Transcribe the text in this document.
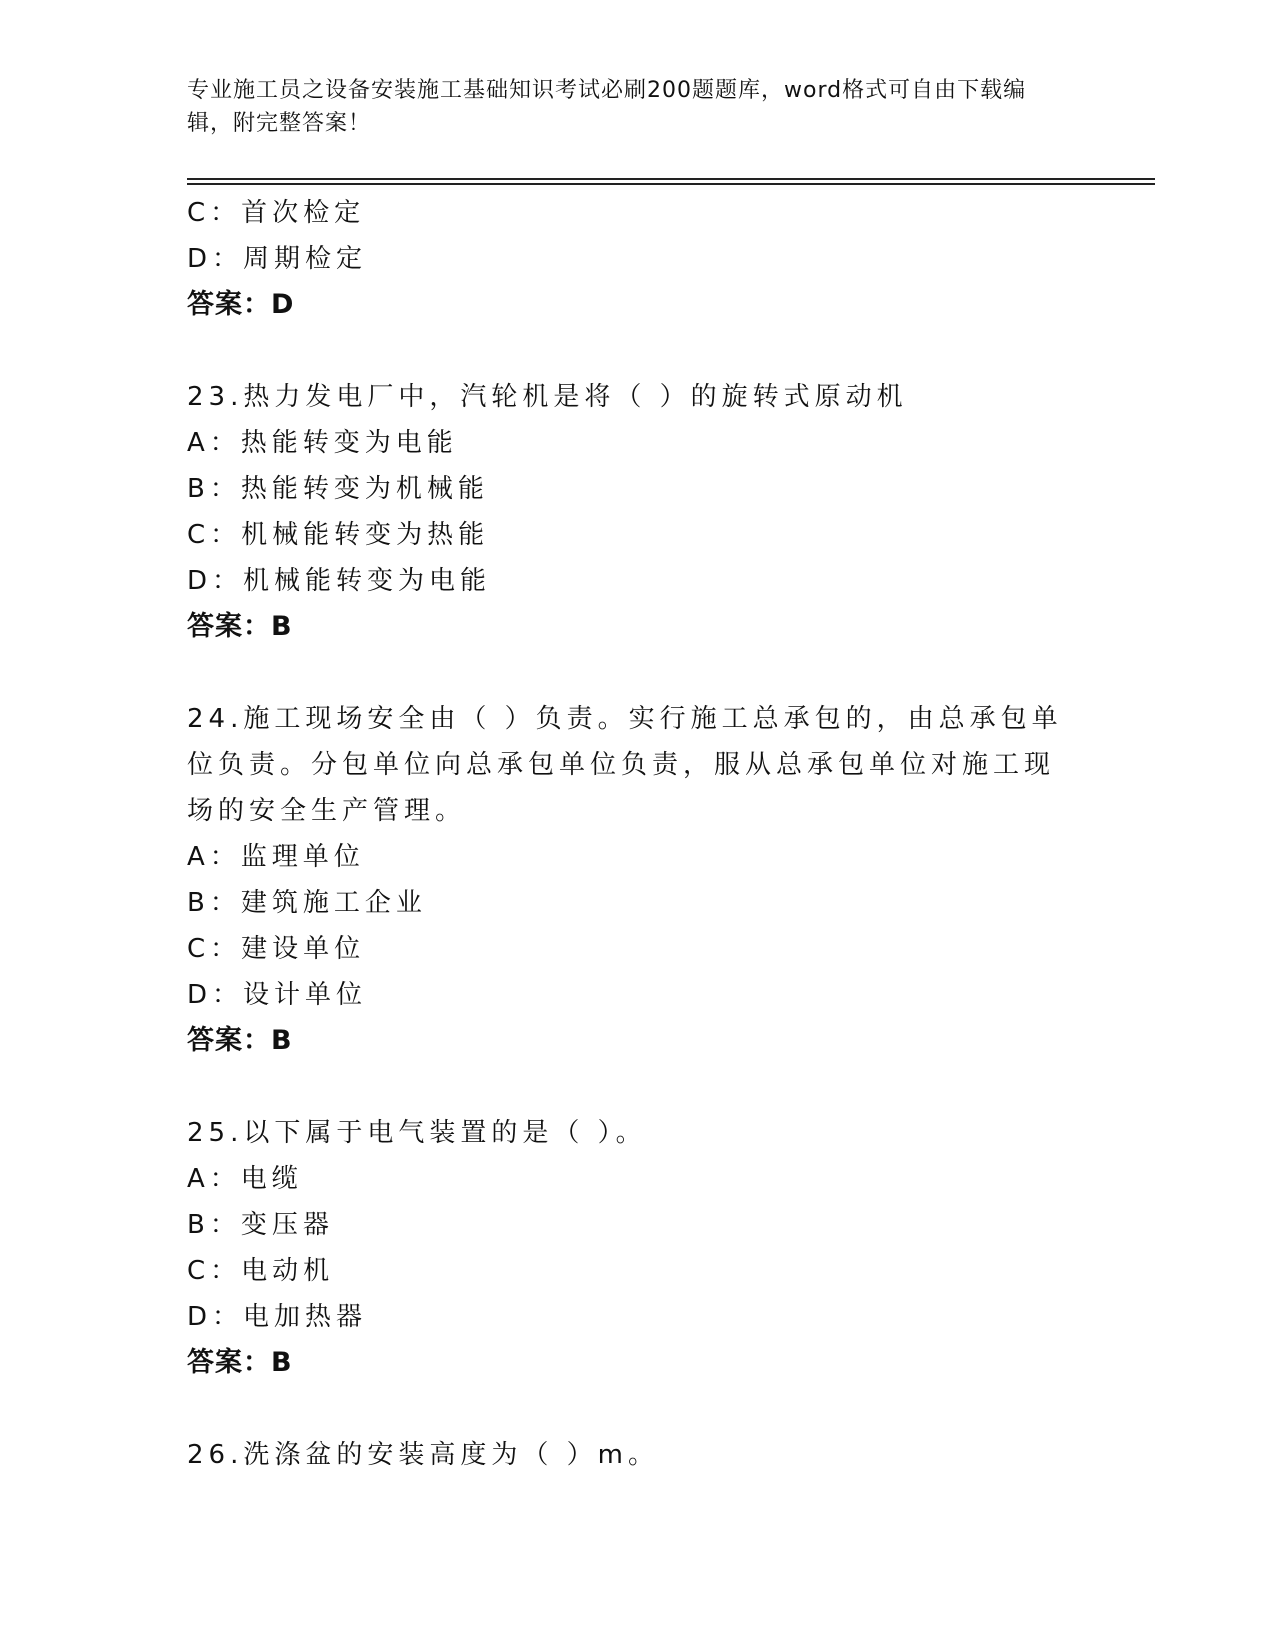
专业施工员之设备安装施工基础知识考试必刷200题题库，word格式可自由下载编辑，附完整答案！
C：首次检定
D：周期检定
答案：D
23.热力发电厂中，汽轮机是将（ ）的旋转式原动机
A：热能转变为电能
B：热能转变为机械能
C：机械能转变为热能
D：机械能转变为电能
答案：B
24.施工现场安全由（ ）负责。实行施工总承包的，由总承包单位负责。分包单位向总承包单位负责，服从总承包单位对施工现场的安全生产管理。
A：监理单位
B：建筑施工企业
C：建设单位
D：设计单位
答案：B
25.以下属于电气装置的是（ ）。
A：电缆
B：变压器
C：电动机
D：电加热器
答案：B
26.洗涤盆的安装高度为（ ）m。
